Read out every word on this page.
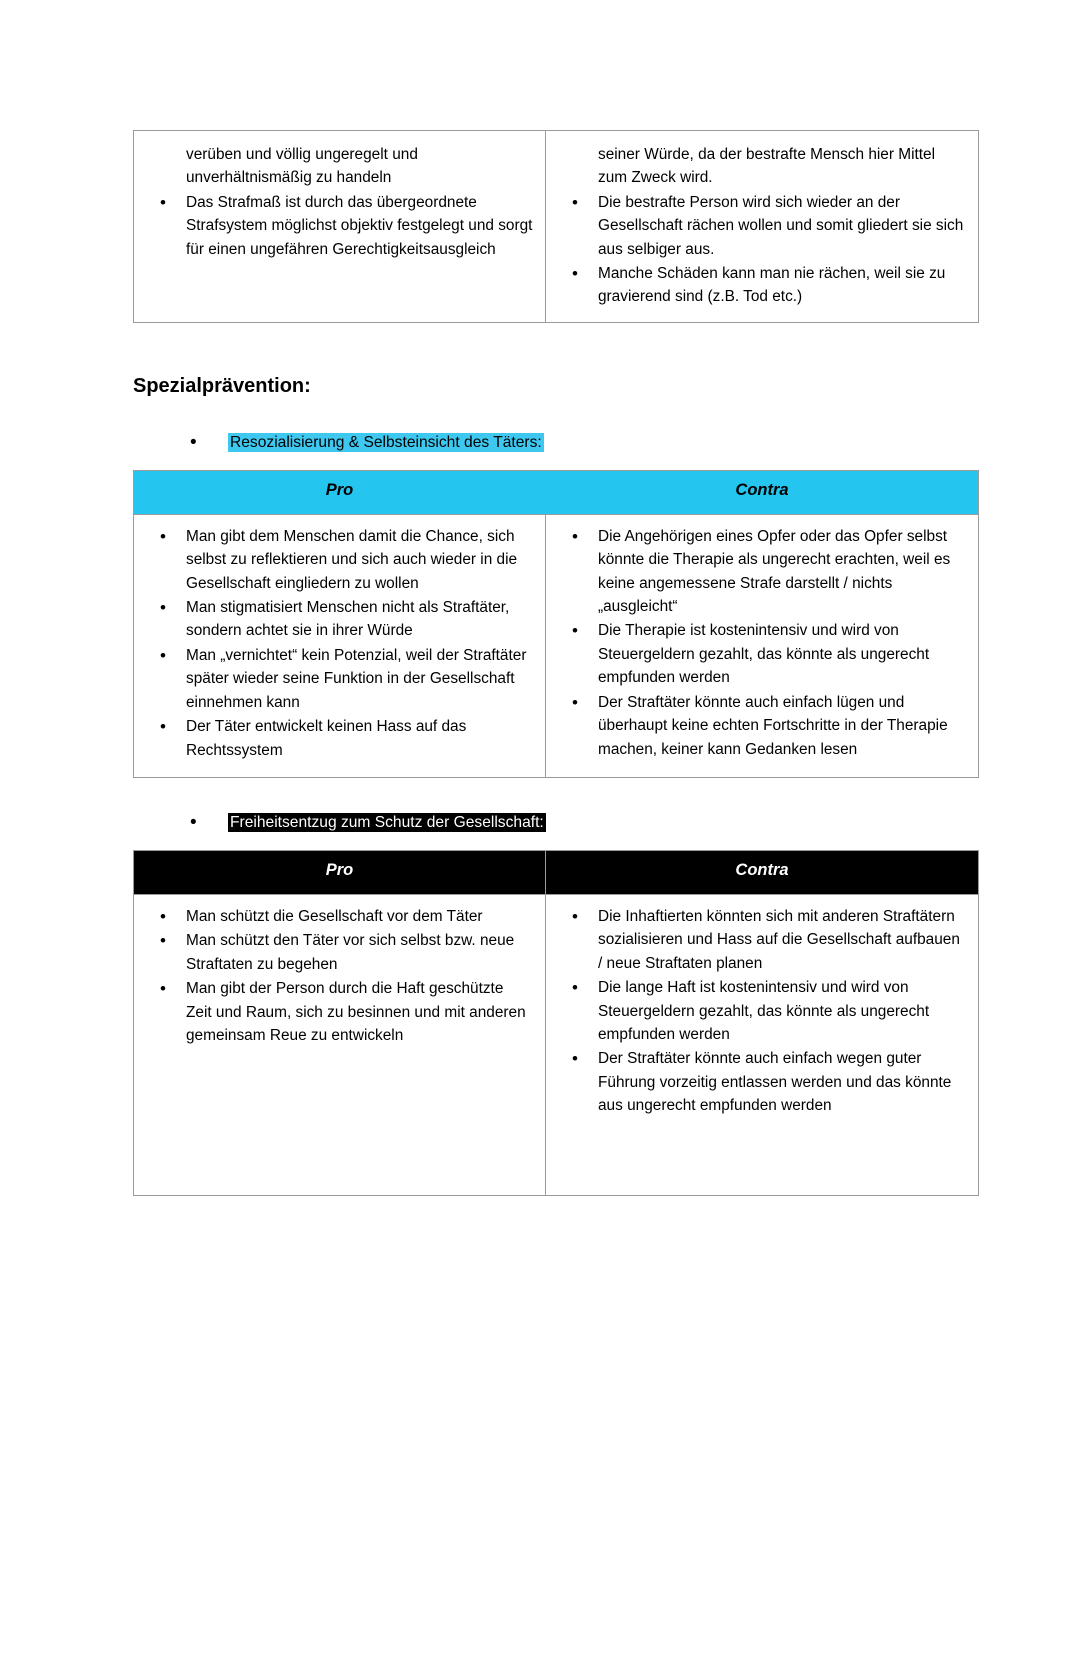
verüben und völlig ungeregelt und unverhältnismäßig zu handeln
• Das Strafmaß ist durch das übergeordnete Strafsystem möglichst objektiv festgelegt und sorgt für einen ungefähren Gerechtigkeitsausgleich

seiner Würde, da der bestrafte Mensch hier Mittel zum Zweck wird.
• Die bestrafte Person wird sich wieder an der Gesellschaft rächen wollen und somit gliedert sie sich aus selbiger aus.
• Manche Schäden kann man nie rächen, weil sie zu gravierend sind (z.B. Tod etc.)
Spezialprävention:
• Resozialisierung & Selbsteinsicht des Täters:
Pro	Contra

• Man gibt dem Menschen damit die Chance, sich selbst zu reflektieren und sich auch wieder in die Gesellschaft eingliedern zu wollen
• Man stigmatisiert Menschen nicht als Straftäter, sondern achtet sie in ihrer Würde
• Man „vernichtet“ kein Potenzial, weil der Straftäter später wieder seine Funktion in der Gesellschaft einnehmen kann
• Der Täter entwickelt keinen Hass auf das Rechtssystem

• Die Angehörigen eines Opfer oder das Opfer selbst könnte die Therapie als ungerecht erachten, weil es keine angemessene Strafe darstellt / nichts „ausgleicht“
• Die Therapie ist kostenintensiv und wird von Steuergeldern gezahlt, das könnte als ungerecht empfunden werden
• Der Straftäter könnte auch einfach lügen und überhaupt keine echten Fortschritte in der Therapie machen, keiner kann Gedanken lesen
• Freiheitsentzug zum Schutz der Gesellschaft:
Pro	Contra

• Man schützt die Gesellschaft vor dem Täter
• Man schützt den Täter vor sich selbst bzw. neue Straftaten zu begehen
• Man gibt der Person durch die Haft geschützte Zeit und Raum, sich zu besinnen und mit anderen gemeinsam Reue zu entwickeln

• Die Inhaftierten könnten sich mit anderen Straftätern sozialisieren und Hass auf die Gesellschaft aufbauen / neue Straftaten planen
• Die lange Haft ist kostenintensiv und wird von Steuergeldern gezahlt, das könnte als ungerecht empfunden werden
• Der Straftäter könnte auch einfach wegen guter Führung vorzeitig entlassen werden und das könnte aus ungerecht empfunden werden
